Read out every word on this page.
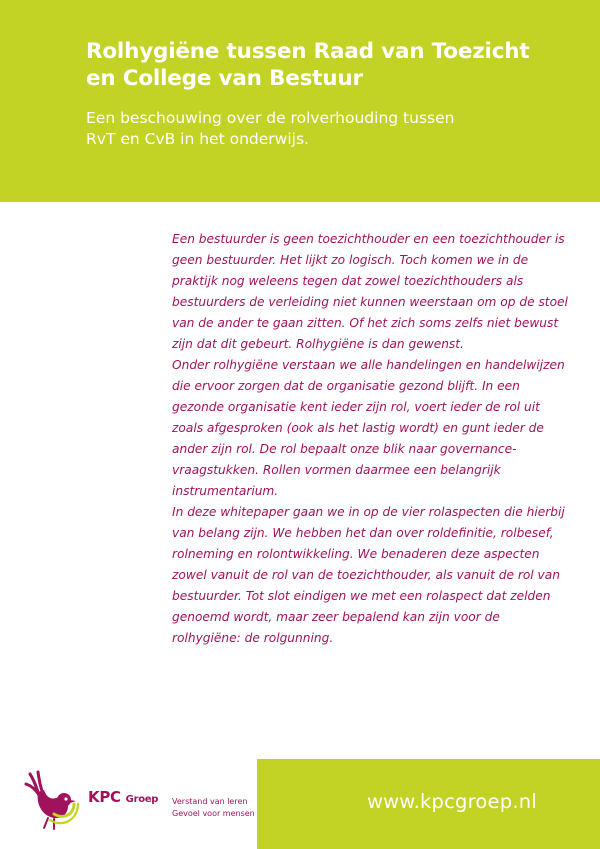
Rolhygiëne tussen Raad van Toezicht
en College van Bestuur

Een beschouwing over de rolverhouding tussen
RvT en CvB in het onderwijs.

Een bestuurder is geen toezichthouder en een toezichthouder is geen bestuurder. Het lijkt zo logisch. Toch komen we in de praktijk nog weleens tegen dat zowel toezichthouders als bestuurders de verleiding niet kunnen weerstaan om op de stoel van de ander te gaan zitten. Of het zich soms zelfs niet bewust zijn dat dit gebeurt. Rolhygiëne is dan gewenst.

Onder rolhygiëne verstaan we alle handelingen en handelwijzen die ervoor zorgen dat de organisatie gezond blijft. In een gezonde organisatie kent ieder zijn rol, voert ieder de rol uit zoals afgesproken (ook als het lastig wordt) en gunt ieder de ander zijn rol. De rol bepaalt onze blik naar governance-vraagstukken. Rollen vormen daarmee een belangrijk instrumentarium.

In deze whitepaper gaan we in op de vier rolaspecten die hierbij van belang zijn. We hebben het dan over roldefinitie, rolbesef, rolneming en rolontwikkeling. We benaderen deze aspecten zowel vanuit de rol van de toezichthouder, als vanuit de rol van bestuurder. Tot slot eindigen we met een rolaspect dat zelden genoemd wordt, maar zeer bepalend kan zijn voor de rolhygiëne: de rolgunning.

KPC Groep Verstand van leren
Gevoel voor mensen
www.kpcgroep.nl
